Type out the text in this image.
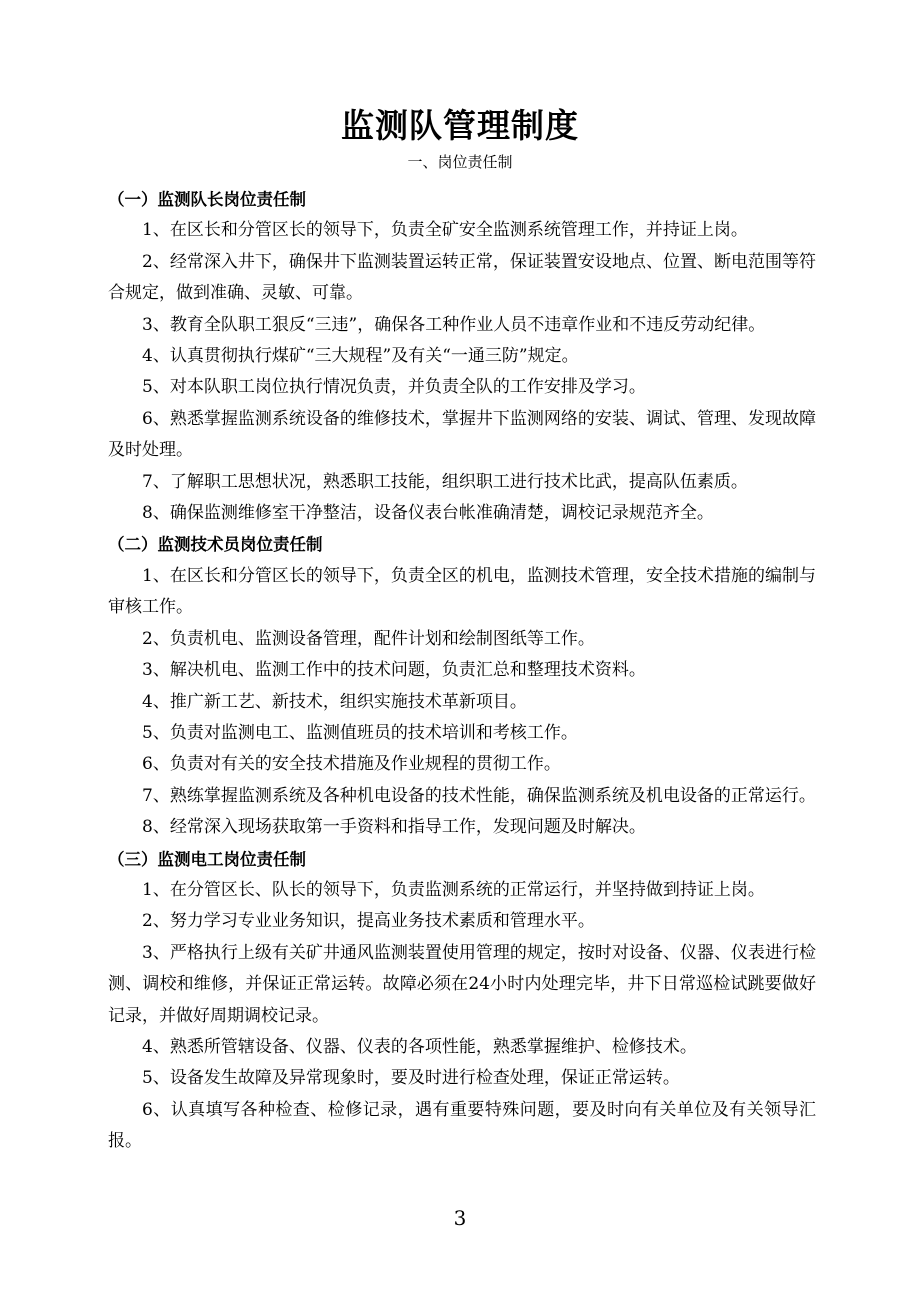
监测队管理制度
一、岗位责任制

（一）监测队长岗位责任制

1、在区长和分管区长的领导下，负责全矿安全监测系统管理工作，并持证上岗。

2、经常深入井下，确保井下监测装置运转正常，保证装置安设地点、位置、断电范围等符合规定，做到准确、灵敏、可靠。

3、教育全队职工狠反“三违”，确保各工种作业人员不违章作业和不违反劳动纪律。

4、认真贯彻执行煤矿“三大规程”及有关“一通三防”规定。

5、对本队职工岗位执行情况负责，并负责全队的工作安排及学习。

6、熟悉掌握监测系统设备的维修技术，掌握井下监测网络的安装、调试、管理、发现故障及时处理。

7、了解职工思想状况，熟悉职工技能，组织职工进行技术比武，提高队伍素质。

8、确保监测维修室干净整洁，设备仪表台帐准确清楚，调校记录规范齐全。

（二）监测技术员岗位责任制

1、在区长和分管区长的领导下，负责全区的机电，监测技术管理，安全技术措施的编制与审核工作。

2、负责机电、监测设备管理，配件计划和绘制图纸等工作。

3、解决机电、监测工作中的技术问题，负责汇总和整理技术资料。

4、推广新工艺、新技术，组织实施技术革新项目。

5、负责对监测电工、监测值班员的技术培训和考核工作。

6、负责对有关的安全技术措施及作业规程的贯彻工作。

7、熟练掌握监测系统及各种机电设备的技术性能，确保监测系统及机电设备的正常运行。

8、经常深入现场获取第一手资料和指导工作，发现问题及时解决。

（三）监测电工岗位责任制

1、在分管区长、队长的领导下，负责监测系统的正常运行，并坚持做到持证上岗。

2、努力学习专业业务知识，提高业务技术素质和管理水平。

3、严格执行上级有关矿井通风监测装置使用管理的规定，按时对设备、仪器、仪表进行检测、调校和维修，并保证正常运转。故障必须在24小时内处理完毕，井下日常巡检试跳要做好记录，并做好周期调校记录。

4、熟悉所管辖设备、仪器、仪表的各项性能，熟悉掌握维护、检修技术。

5、设备发生故障及异常现象时，要及时进行检查处理，保证正常运转。

6、认真填写各种检查、检修记录，遇有重要特殊问题，要及时向有关单位及有关领导汇报。

3
